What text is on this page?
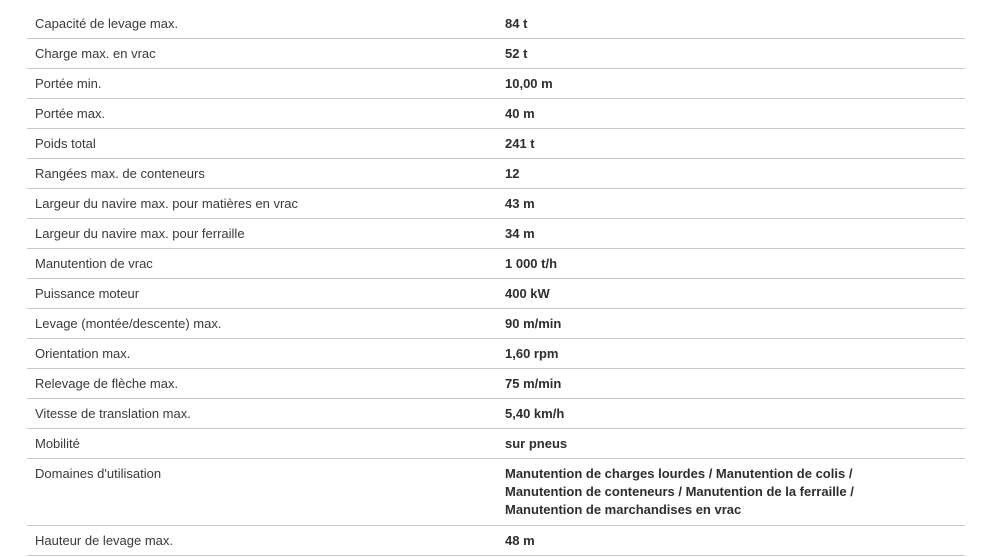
Capacité de levage max.	84 t
Charge max. en vrac	52 t
Portée min.	10,00 m
Portée max.	40 m
Poids total	241 t
Rangées max. de conteneurs	12
Largeur du navire max. pour matières en vrac	43 m
Largeur du navire max. pour ferraille	34 m
Manutention de vrac	1 000 t/h
Puissance moteur	400 kW
Levage (montée/descente) max.	90 m/min
Orientation max.	1,60 rpm
Relevage de flèche max.	75 m/min
Vitesse de translation max.	5,40 km/h
Mobilité	sur pneus
Domaines d'utilisation	Manutention de charges lourdes / Manutention de colis /
Manutention de conteneurs / Manutention de la ferraille /
Manutention de marchandises en vrac

Hauteur de levage max.	48 m
